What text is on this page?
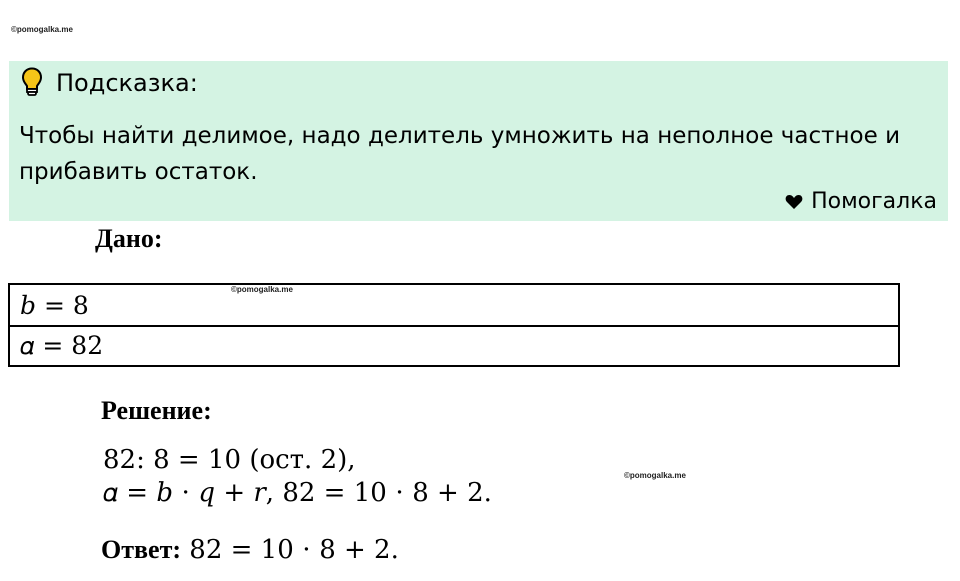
©pomogalka.me
Подсказка:
Чтобы найти делимое, надо делитель умножить на неполное частное и прибавить остаток.
Помогалка
Дано:
𝑏 = 8
𝛼 = 82
©pomogalka.me
Решение:
82: 8 = 10 (ост. 2),
𝛼 = 𝑏 ⋅ 𝑞 + 𝑟, 82 = 10 ⋅ 8 + 2.
©pomogalka.me
Ответ: 82 = 10 ⋅ 8 + 2.
